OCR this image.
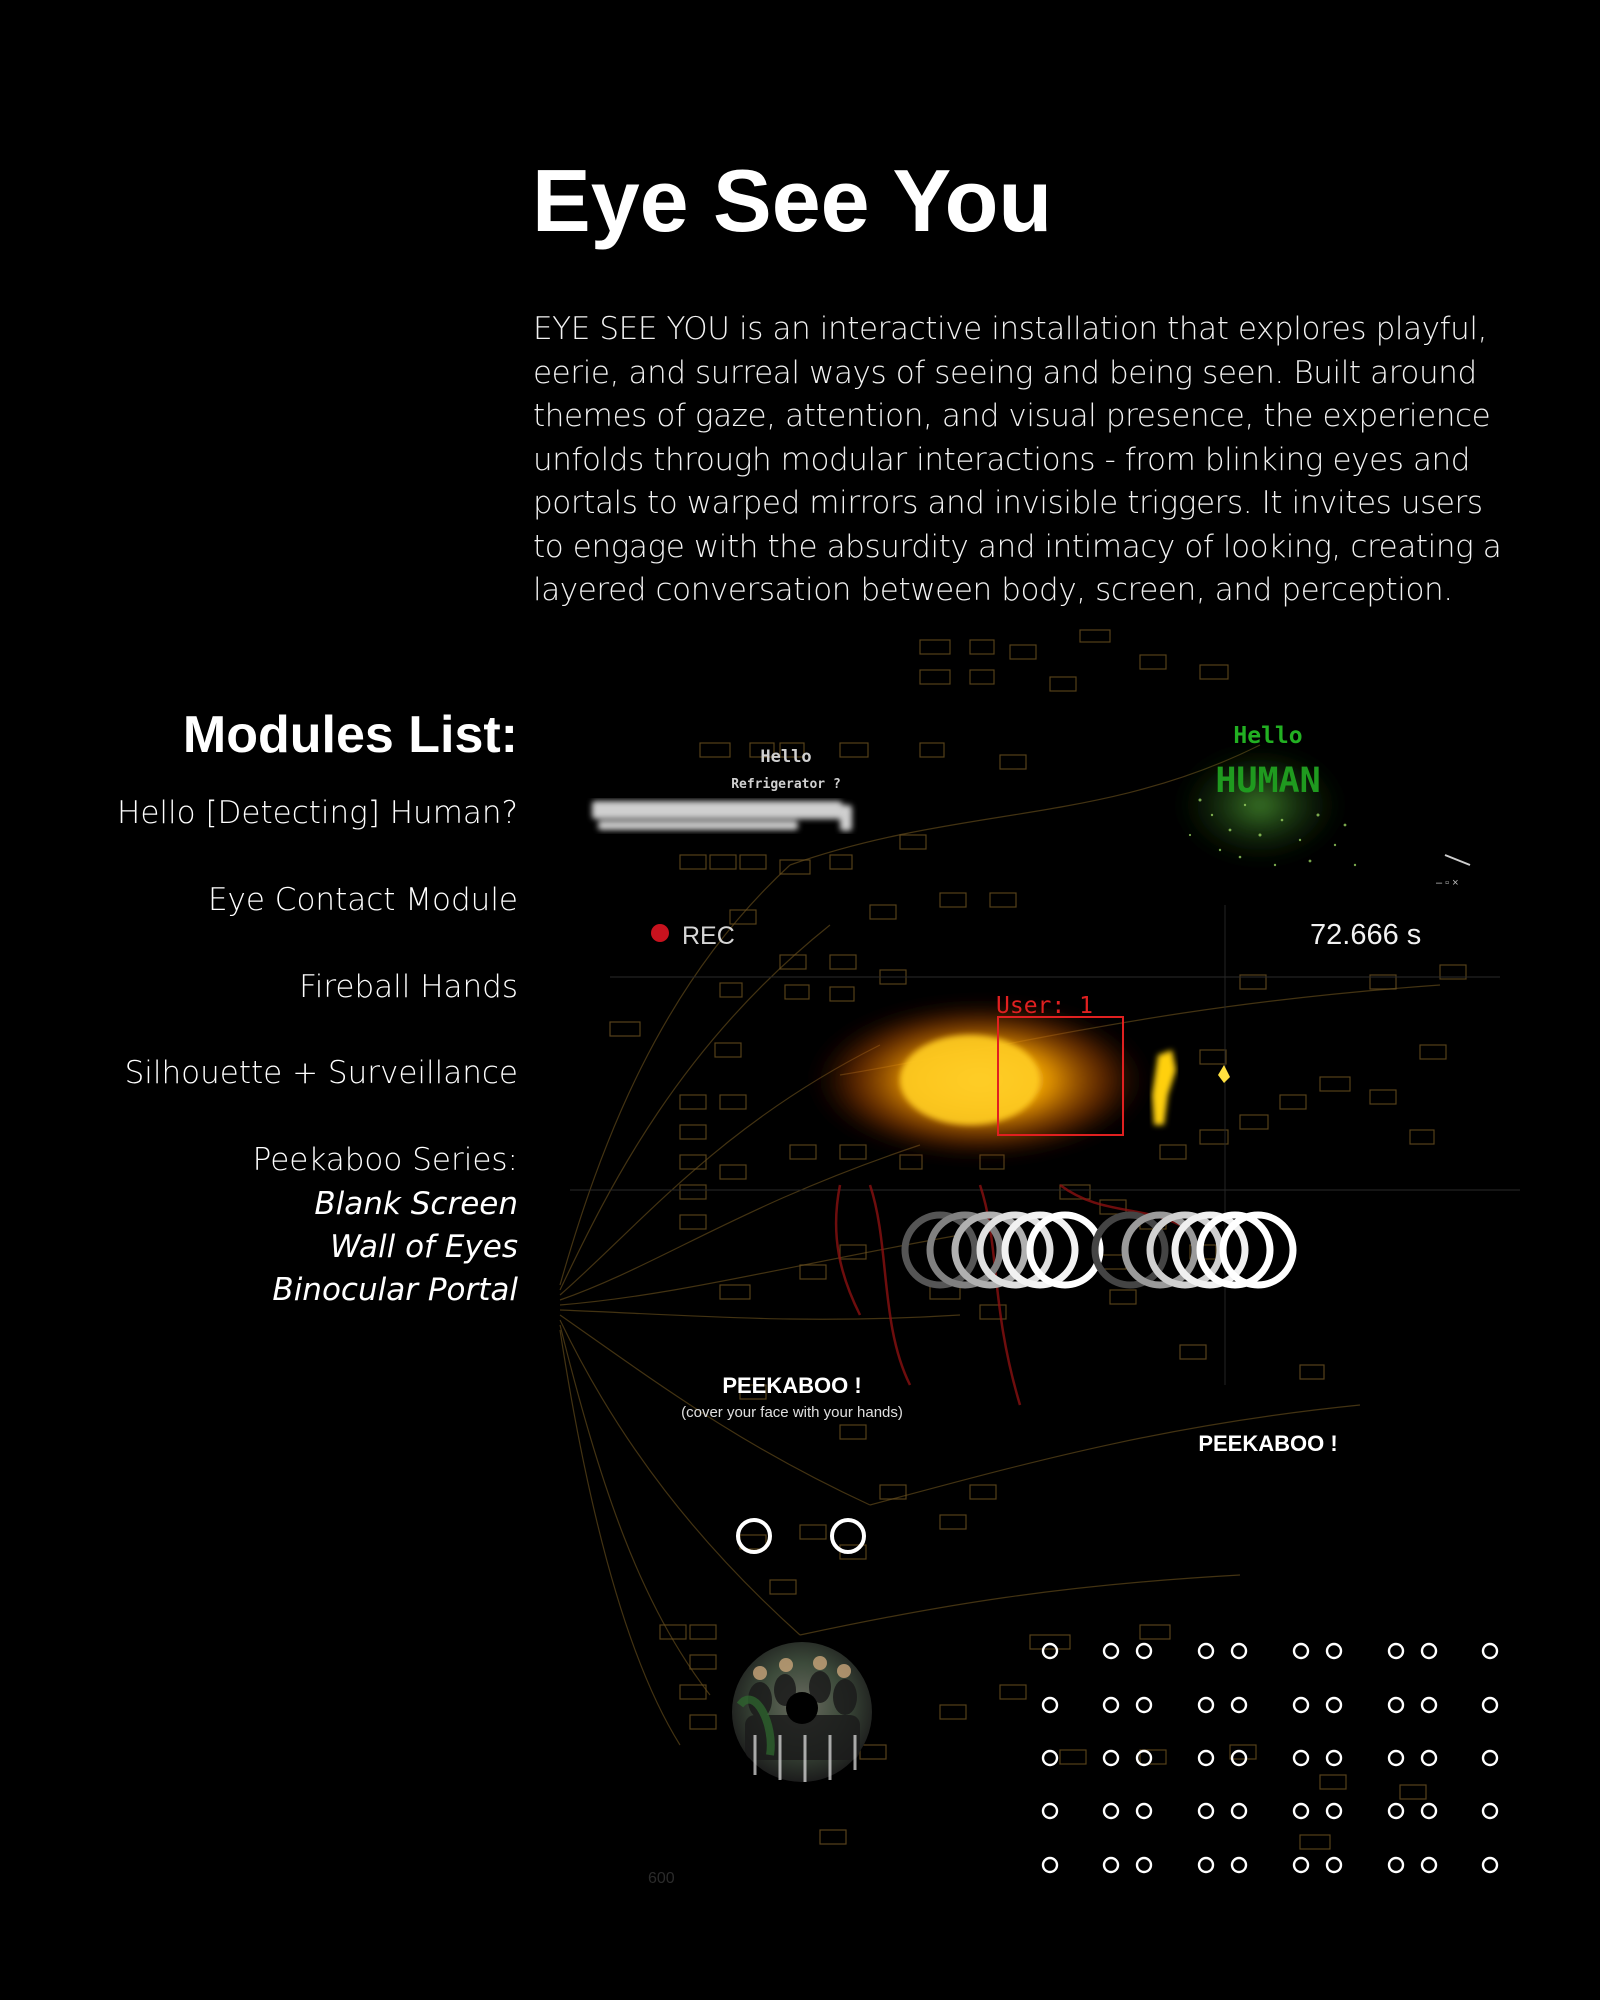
Eye See You

EYE SEE YOU is an interactive installation that explores playful, eerie, and surreal ways of seeing and being seen. Built around themes of gaze, attention, and visual presence, the experience unfolds through modular interactions - from blinking eyes and portals to warped mirrors and invisible triggers. It invites users to engage with the absurdity and intimacy of looking, creating a layered conversation between body, screen, and perception.

Modules List:
Hello [Detecting] Human?
Eye Contact Module
Fireball Hands
Silhouette + Surveillance
Peekaboo Series:
Blank Screen
Wall of Eyes
Binocular Portal
Hello
Refrigerator ?
Hello
HUMAN
– ▫ ×
REC	72.666 s
User: 1
PEEKABOO !
(cover your face with your hands)
PEEKABOO !
600
